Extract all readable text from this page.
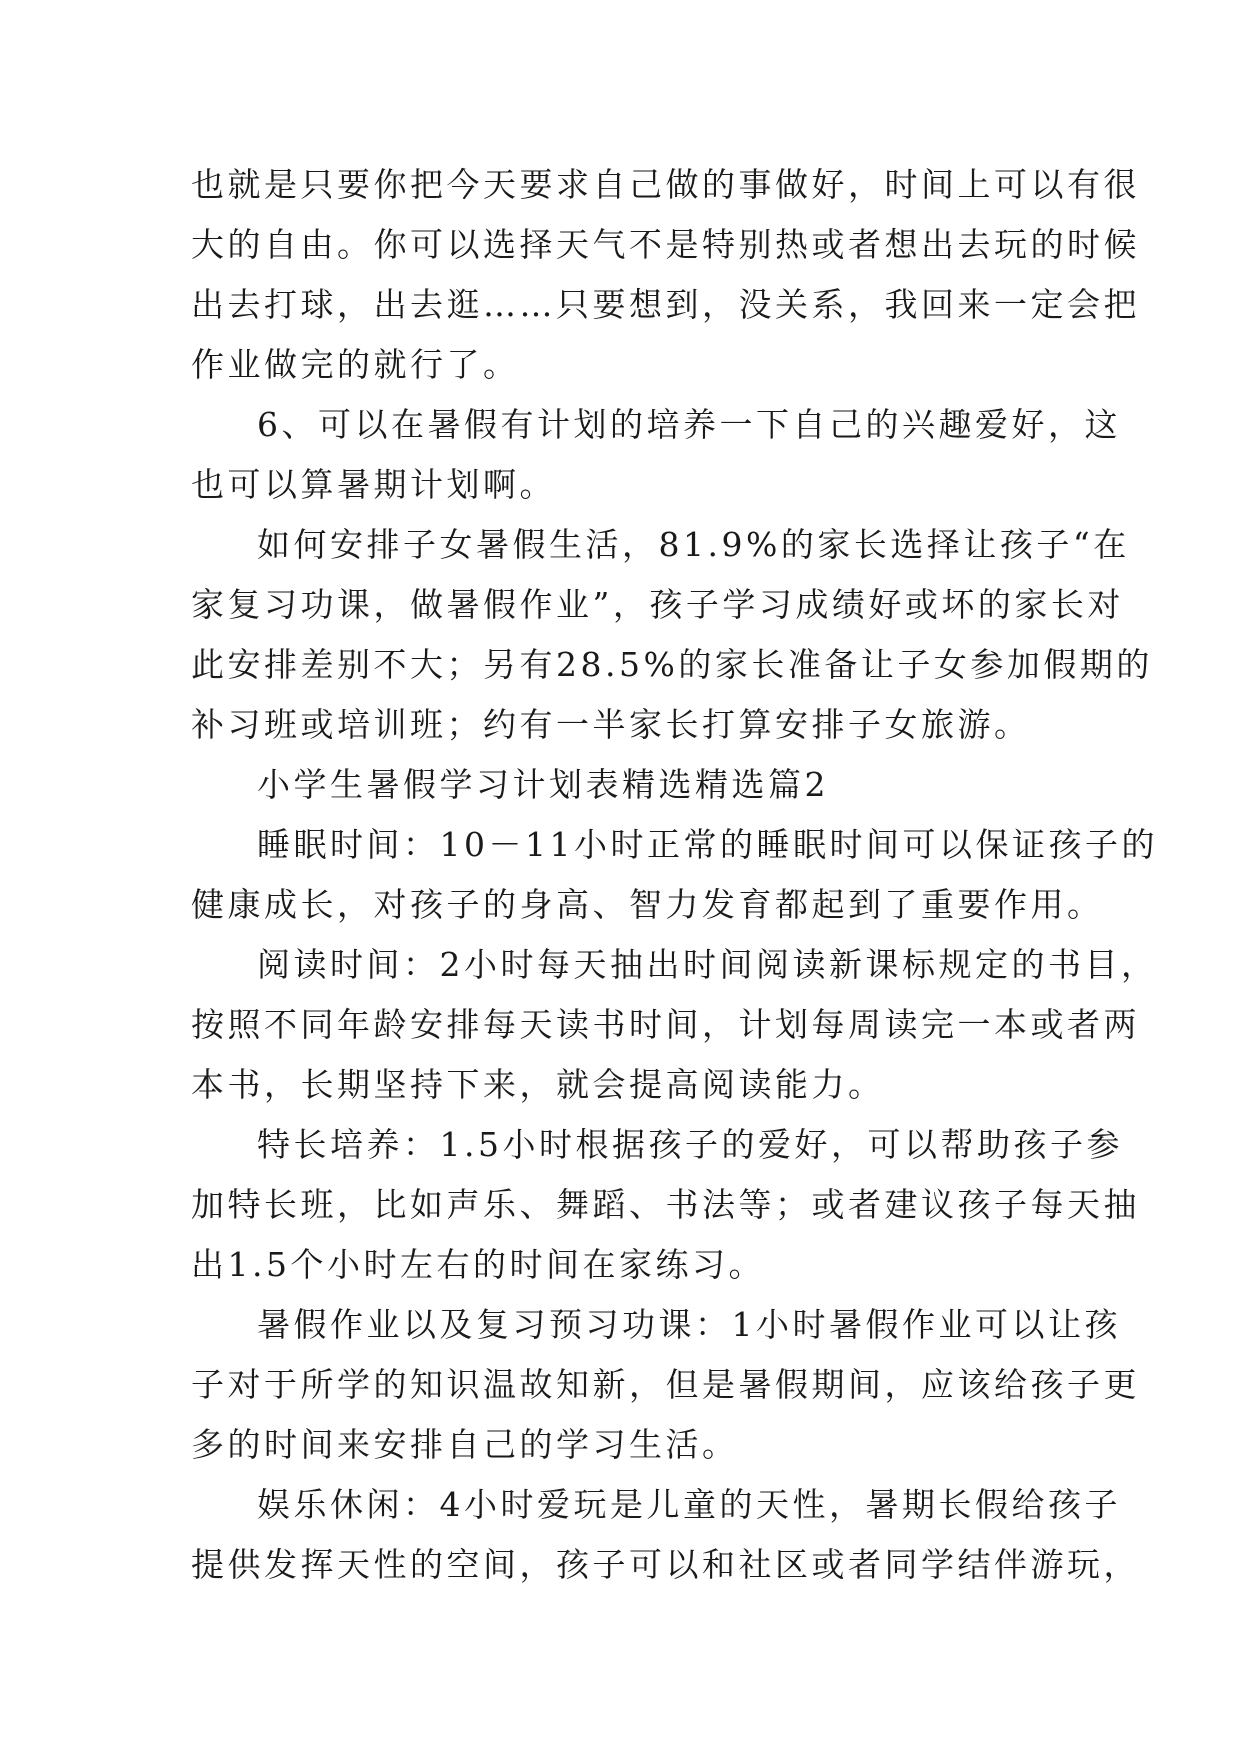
也就是只要你把今天要求自己做的事做好，时间上可以有很
大的自由。你可以选择天气不是特别热或者想出去玩的时候
出去打球，出去逛……只要想到，没关系，我回来一定会把
作业做完的就行了。
6、可以在暑假有计划的培养一下自己的兴趣爱好，这
也可以算暑期计划啊。
如何安排子女暑假生活，81.9%的家长选择让孩子“在
家复习功课，做暑假作业”，孩子学习成绩好或坏的家长对
此安排差别不大；另有28.5%的家长准备让子女参加假期的
补习班或培训班；约有一半家长打算安排子女旅游。
小学生暑假学习计划表精选精选篇2
睡眠时间：10－11小时正常的睡眠时间可以保证孩子的
健康成长，对孩子的身高、智力发育都起到了重要作用。
阅读时间：2小时每天抽出时间阅读新课标规定的书目，
按照不同年龄安排每天读书时间，计划每周读完一本或者两
本书，长期坚持下来，就会提高阅读能力。
特长培养：1.5小时根据孩子的爱好，可以帮助孩子参
加特长班，比如声乐、舞蹈、书法等；或者建议孩子每天抽
出1.5个小时左右的时间在家练习。
暑假作业以及复习预习功课：1小时暑假作业可以让孩
子对于所学的知识温故知新，但是暑假期间，应该给孩子更
多的时间来安排自己的学习生活。
娱乐休闲：4小时爱玩是儿童的天性，暑期长假给孩子
提供发挥天性的空间，孩子可以和社区或者同学结伴游玩，
